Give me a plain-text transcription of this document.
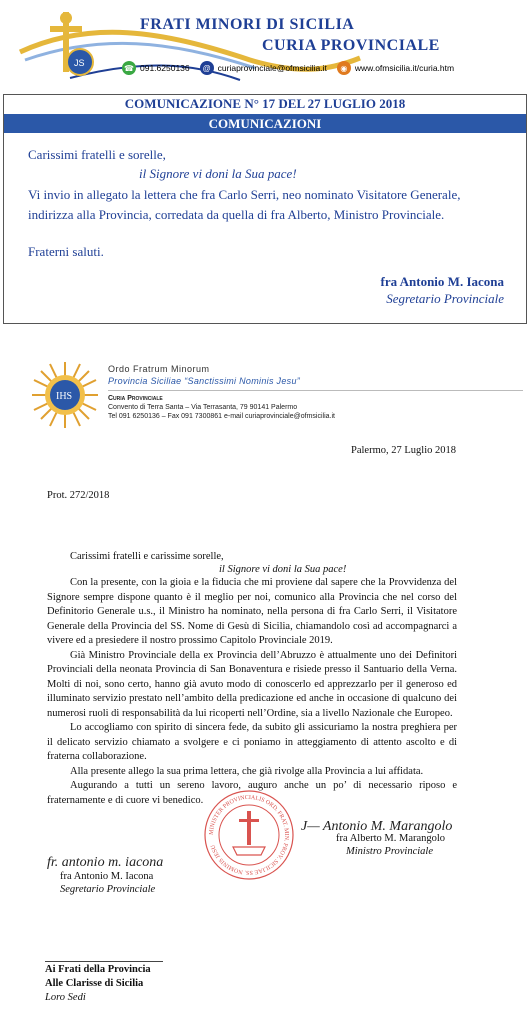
JS
FRATI MINORI DI SICILIA
CURIA PROVINCIALE
☎ 091.6250136	@ curiaprovinciale@ofmsicilia.it	◉ www.ofmsicilia.it/curia.htm
COMUNICAZIONE N° 17 DEL 27 LUGLIO 2018
COMUNICAZIONI
Carissimi fratelli e sorelle,
il Signore vi doni la Sua pace!
Vi invio in allegato la lettera che fra Carlo Serri, neo nominato Visitatore Generale, indirizza alla Provincia, corredata da quella di fra Alberto, Ministro Provinciale.
Fraterni saluti.
fra Antonio M. Iacona
Segretario Provinciale
IHS
Ordo Fratrum Minorum
Provincia Siciliae “Sanctissimi Nominis Jesu”
Curia Provinciale
Convento di Terra Santa – Via Terrasanta, 79 90141 Palermo
Tel 091 6250136 – Fax 091 7300861 e-mail curiaprovinciale@ofmsicilia.it
Palermo, 27 Luglio 2018
Prot. 272/2018
Carissimi fratelli e carissime sorelle,
il Signore vi doni la Sua pace!

Con la presente, con la gioia e la fiducia che mi proviene dal sapere che la Provvidenza del Signore sempre dispone quanto è il meglio per noi, comunico alla Provincia che nel corso del Definitorio Generale u.s., il Ministro ha nominato, nella persona di fra Carlo Serri, il Visitatore Generale della Provincia del SS. Nome di Gesù di Sicilia, chiamandolo così ad accompagnarci a vivere ed a presiedere il nostro prossimo Capitolo Provinciale 2019.

Già Ministro Provinciale della ex Provincia dell’Abruzzo è attualmente uno dei Definitori Provinciali della neonata Provincia di San Bonaventura e risiede presso il Santuario della Verna. Molti di noi, sono certo, hanno già avuto modo di conoscerlo ed apprezzarlo per il generoso ed illuminato servizio prestato nell’ambito della predicazione ed anche in occasione di qualcuno dei numerosi ruoli di responsabilità da lui ricoperti nell’Ordine, sia a livello Nazionale che Europeo.

Lo accogliamo con spirito di sincera fede, da subito gli assicuriamo la nostra preghiera per il delicato servizio chiamato a svolgere e ci poniamo in atteggiamento di attento ascolto e di fraterna collaborazione.

Alla presente allego la sua prima lettera, che già rivolge alla Provincia a lui affidata.

Augurando a tutti un sereno lavoro, auguro anche un po’ di necessario riposo e fraternamente e di cuore vi benedico.

MINISTER PROVINCIALIS ORD. FRAT. MIN. PROV. SICILIAE SS. NOMINIS JESU
J— Antonio M. Marangolo
fra Alberto M. Marangolo
Ministro Provinciale
fr. antonio m. iacona
fra Antonio M. Iacona
Segretario Provinciale
Ai Frati della Provincia
Alle Clarisse di Sicilia
Loro Sedi
